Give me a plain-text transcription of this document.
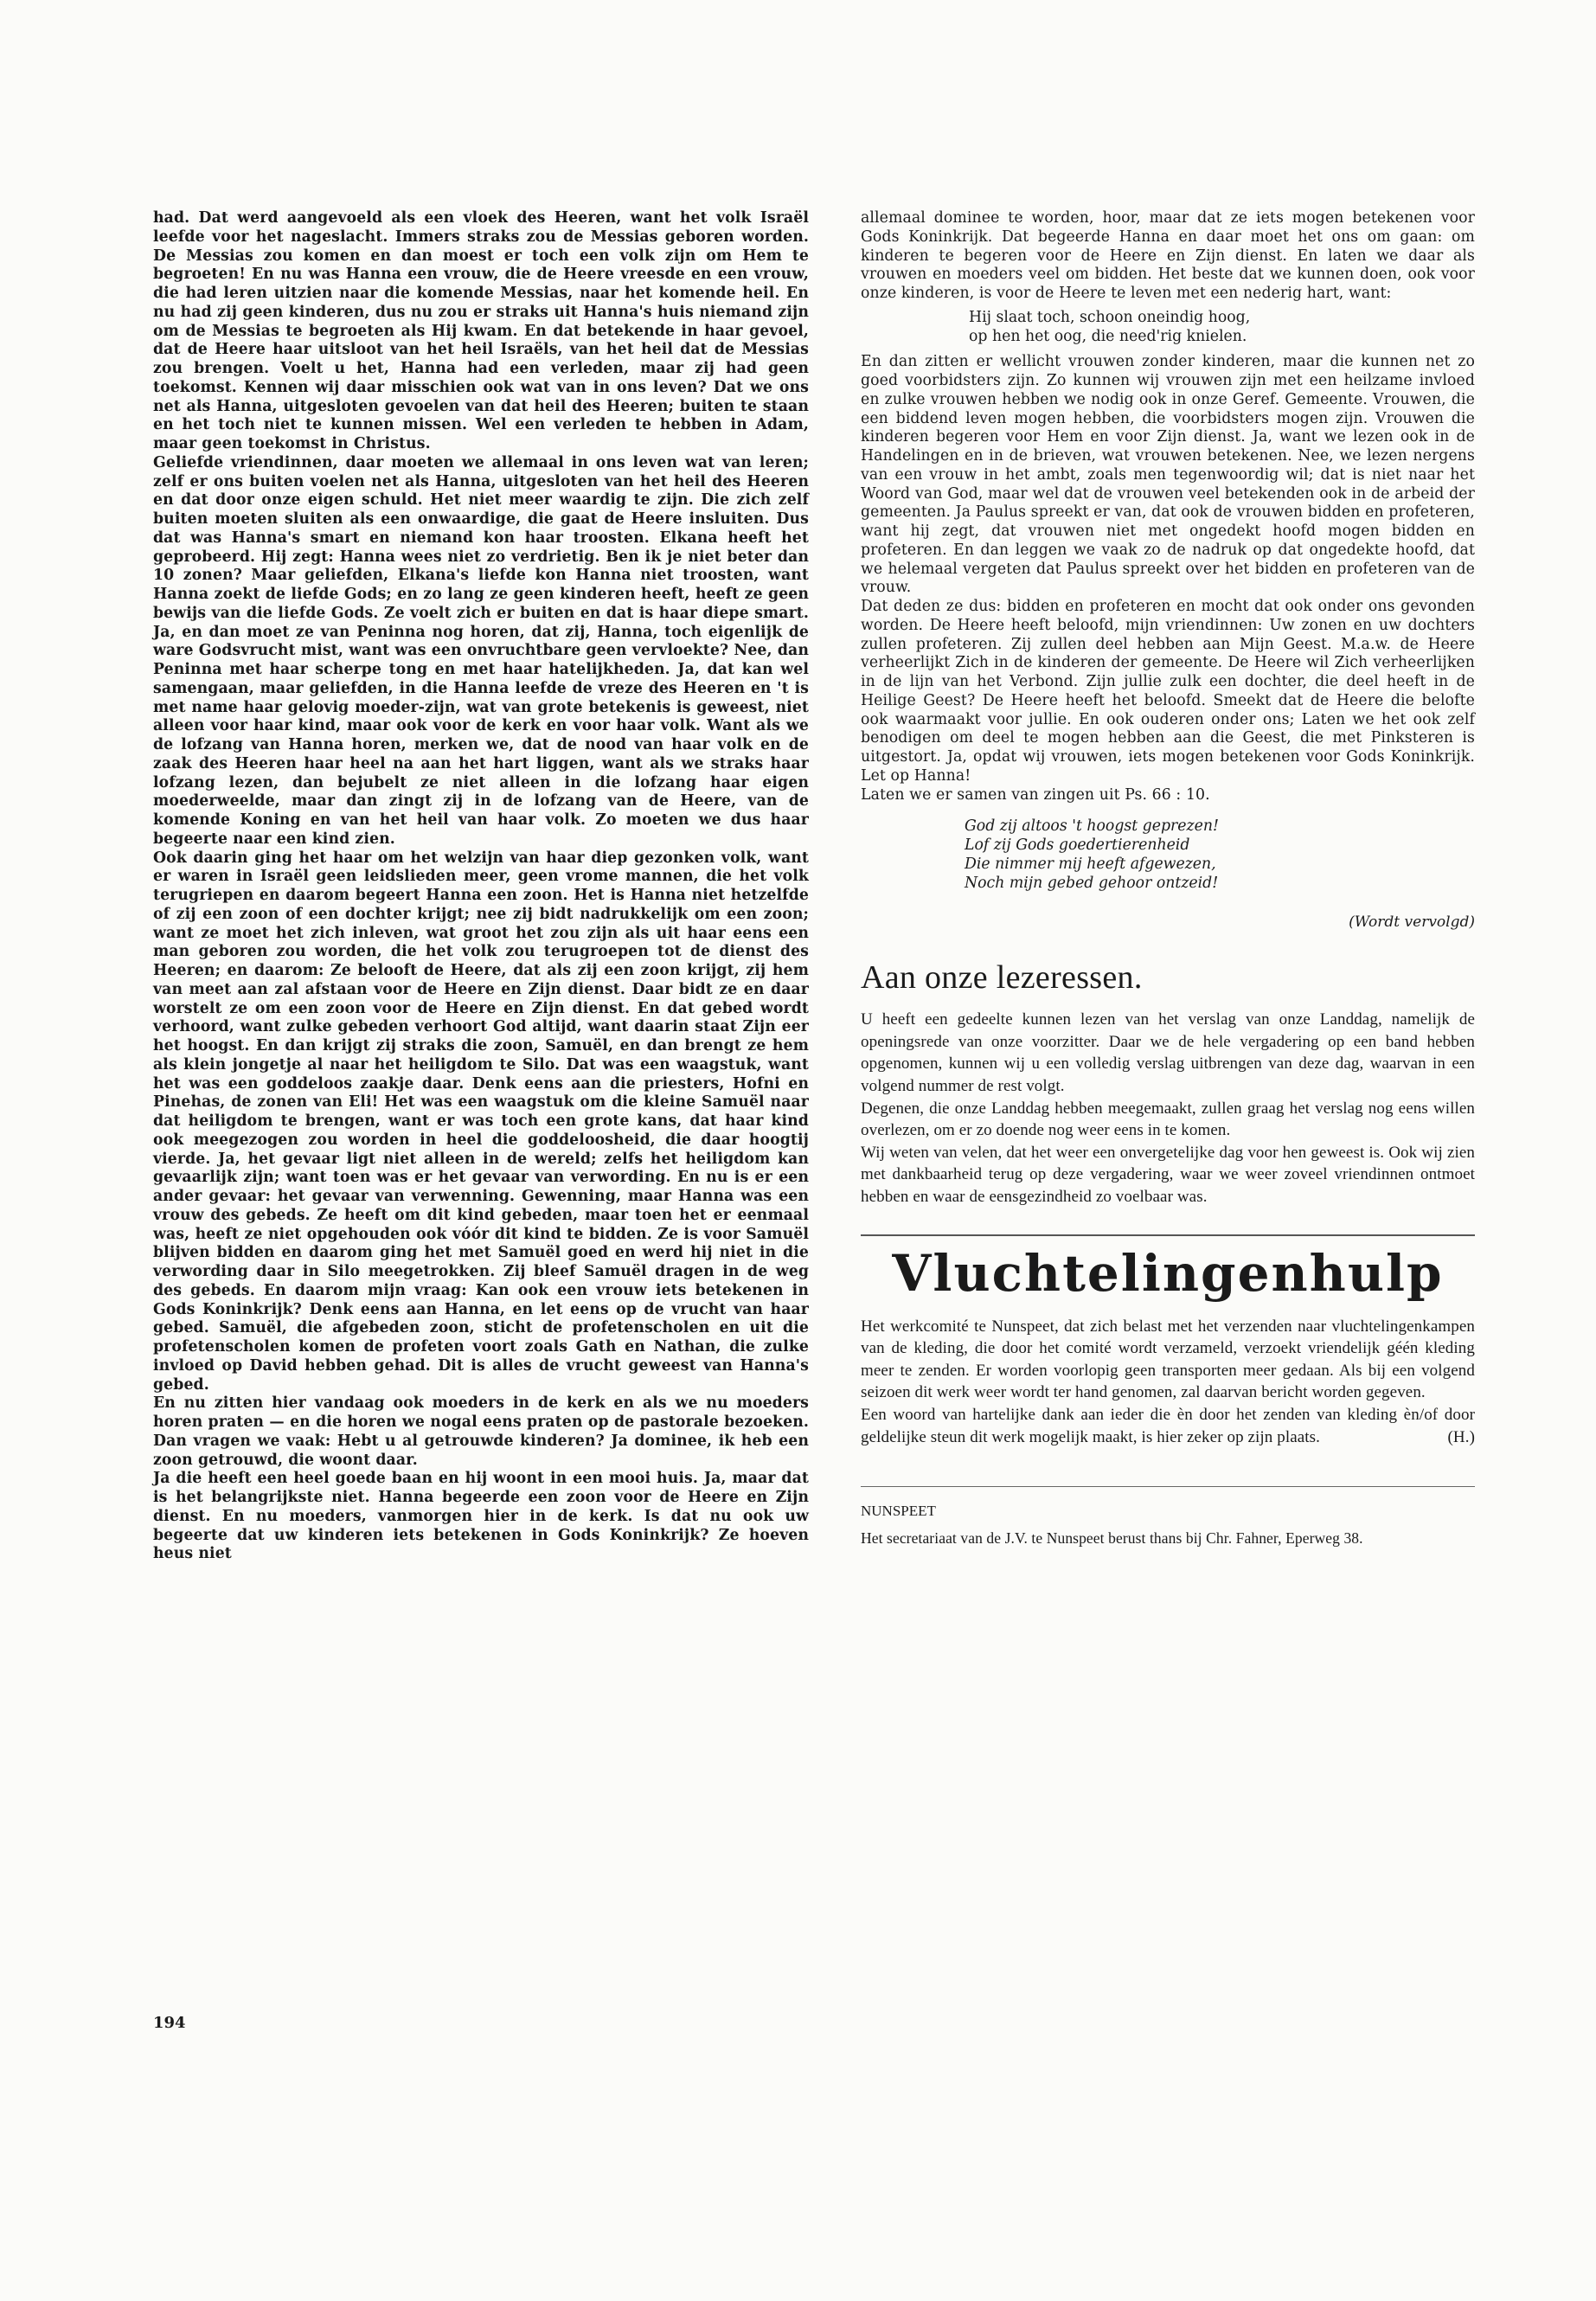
had. Dat werd aangevoeld als een vloek des Heeren, want het volk Israël leefde voor het nageslacht. Immers straks zou de Messias geboren worden. De Messias zou komen en dan moest er toch een volk zijn om Hem te begroeten! En nu was Hanna een vrouw, die de Heere vreesde en een vrouw, die had leren uitzien naar die komende Messias, naar het komende heil. En nu had zij geen kinderen, dus nu zou er straks uit Hanna's huis niemand zijn om de Messias te begroeten als Hij kwam. En dat betekende in haar gevoel, dat de Heere haar uitsloot van het heil Israëls, van het heil dat de Messias zou brengen. Voelt u het, Hanna had een verleden, maar zij had geen toekomst. Kennen wij daar misschien ook wat van in ons leven? Dat we ons net als Hanna, uitgesloten gevoelen van dat heil des Heeren; buiten te staan en het toch niet te kunnen missen. Wel een verleden te hebben in Adam, maar geen toekomst in Christus.

Geliefde vriendinnen, daar moeten we allemaal in ons leven wat van leren; zelf er ons buiten voelen net als Hanna, uitgesloten van het heil des Heeren en dat door onze eigen schuld. Het niet meer waardig te zijn. Die zich zelf buiten moeten sluiten als een onwaardige, die gaat de Heere insluiten. Dus dat was Hanna's smart en niemand kon haar troosten. Elkana heeft het geprobeerd. Hij zegt: Hanna wees niet zo verdrietig. Ben ik je niet beter dan 10 zonen? Maar geliefden, Elkana's liefde kon Hanna niet troosten, want Hanna zoekt de liefde Gods; en zo lang ze geen kinderen heeft, heeft ze geen bewijs van die liefde Gods. Ze voelt zich er buiten en dat is haar diepe smart. Ja, en dan moet ze van Peninna nog horen, dat zij, Hanna, toch eigenlijk de ware Godsvrucht mist, want was een onvruchtbare geen vervloekte? Nee, dan Peninna met haar scherpe tong en met haar hatelijkheden. Ja, dat kan wel samengaan, maar geliefden, in die Hanna leefde de vreze des Heeren en 't is met name haar gelovig moeder-zijn, wat van grote betekenis is geweest, niet alleen voor haar kind, maar ook voor de kerk en voor haar volk. Want als we de lofzang van Hanna horen, merken we, dat de nood van haar volk en de zaak des Heeren haar heel na aan het hart liggen, want als we straks haar lofzang lezen, dan bejubelt ze niet alleen in die lofzang haar eigen moederweelde, maar dan zingt zij in de lofzang van de Heere, van de komende Koning en van het heil van haar volk. Zo moeten we dus haar begeerte naar een kind zien.

Ook daarin ging het haar om het welzijn van haar diep gezonken volk, want er waren in Israël geen leidslieden meer, geen vrome mannen, die het volk terugriepen en daarom begeert Hanna een zoon. Het is Hanna niet hetzelfde of zij een zoon of een dochter krijgt; nee zij bidt nadrukkelijk om een zoon; want ze moet het zich inleven, wat groot het zou zijn als uit haar eens een man geboren zou worden, die het volk zou terugroepen tot de dienst des Heeren; en daarom: Ze belooft de Heere, dat als zij een zoon krijgt, zij hem van meet aan zal afstaan voor de Heere en Zijn dienst. Daar bidt ze en daar worstelt ze om een zoon voor de Heere en Zijn dienst. En dat gebed wordt verhoord, want zulke gebeden verhoort God altijd, want daarin staat Zijn eer het hoogst. En dan krijgt zij straks die zoon, Samuël, en dan brengt ze hem als klein jongetje al naar het heiligdom te Silo. Dat was een waagstuk, want het was een goddeloos zaakje daar. Denk eens aan die priesters, Hofni en Pinehas, de zonen van Eli! Het was een waagstuk om die kleine Samuël naar dat heiligdom te brengen, want er was toch een grote kans, dat haar kind ook meegezogen zou worden in heel die goddeloosheid, die daar hoogtij vierde. Ja, het gevaar ligt niet alleen in de wereld; zelfs het heiligdom kan gevaarlijk zijn; want toen was er het gevaar van verwording. En nu is er een ander gevaar: het gevaar van verwenning. Gewenning, maar Hanna was een vrouw des gebeds. Ze heeft om dit kind gebeden, maar toen het er eenmaal was, heeft ze niet opgehouden ook vóór dit kind te bidden. Ze is voor Samuël blijven bidden en daarom ging het met Samuël goed en werd hij niet in die verwording daar in Silo meegetrokken. Zij bleef Samuël dragen in de weg des gebeds. En daarom mijn vraag: Kan ook een vrouw iets betekenen in Gods Koninkrijk? Denk eens aan Hanna, en let eens op de vrucht van haar gebed. Samuël, die afgebeden zoon, sticht de profetenscholen en uit die profetenscholen komen de profeten voort zoals Gath en Nathan, die zulke invloed op David hebben gehad. Dit is alles de vrucht geweest van Hanna's gebed.

En nu zitten hier vandaag ook moeders in de kerk en als we nu moeders horen praten — en die horen we nogal eens praten op de pastorale bezoeken. Dan vragen we vaak: Hebt u al getrouwde kinderen? Ja dominee, ik heb een zoon getrouwd, die woont daar.

Ja die heeft een heel goede baan en hij woont in een mooi huis. Ja, maar dat is het belangrijkste niet. Hanna begeerde een zoon voor de Heere en Zijn dienst. En nu moeders, vanmorgen hier in de kerk. Is dat nu ook uw begeerte dat uw kinderen iets betekenen in Gods Koninkrijk? Ze hoeven heus niet

allemaal dominee te worden, hoor, maar dat ze iets mogen betekenen voor Gods Koninkrijk. Dat begeerde Hanna en daar moet het ons om gaan: om kinderen te begeren voor de Heere en Zijn dienst. En laten we daar als vrouwen en moeders veel om bidden. Het beste dat we kunnen doen, ook voor onze kinderen, is voor de Heere te leven met een nederig hart, want:

Hij slaat toch, schoon oneindig hoog,
op hen het oog, die need'rig knielen.

En dan zitten er wellicht vrouwen zonder kinderen, maar die kunnen net zo goed voorbidsters zijn. Zo kunnen wij vrouwen zijn met een heilzame invloed en zulke vrouwen hebben we nodig ook in onze Geref. Gemeente. Vrouwen, die een biddend leven mogen hebben, die voorbidsters mogen zijn. Vrouwen die kinderen begeren voor Hem en voor Zijn dienst. Ja, want we lezen ook in de Handelingen en in de brieven, wat vrouwen betekenen. Nee, we lezen nergens van een vrouw in het ambt, zoals men tegenwoordig wil; dat is niet naar het Woord van God, maar wel dat de vrouwen veel betekenden ook in de arbeid der gemeenten. Ja Paulus spreekt er van, dat ook de vrouwen bidden en profeteren, want hij zegt, dat vrouwen niet met ongedekt hoofd mogen bidden en profeteren. En dan leggen we vaak zo de nadruk op dat ongedekte hoofd, dat we helemaal vergeten dat Paulus spreekt over het bidden en profeteren van de vrouw.

Dat deden ze dus: bidden en profeteren en mocht dat ook onder ons gevonden worden. De Heere heeft beloofd, mijn vriendinnen: Uw zonen en uw dochters zullen profeteren. Zij zullen deel hebben aan Mijn Geest. M.a.w. de Heere verheerlijkt Zich in de kinderen der gemeente. De Heere wil Zich verheerlijken in de lijn van het Verbond. Zijn jullie zulk een dochter, die deel heeft in de Heilige Geest? De Heere heeft het beloofd. Smeekt dat de Heere die belofte ook waarmaakt voor jullie. En ook ouderen onder ons; Laten we het ook zelf benodigen om deel te mogen hebben aan die Geest, die met Pinksteren is uitgestort. Ja, opdat wij vrouwen, iets mogen betekenen voor Gods Koninkrijk. Let op Hanna!

Laten we er samen van zingen uit Ps. 66 : 10.

God zij altoos 't hoogst geprezen!
Lof zij Gods goedertierenheid
Die nimmer mij heeft afgewezen,
Noch mijn gebed gehoor ontzeid!
(Wordt vervolgd)
Aan onze lezeressen.

U heeft een gedeelte kunnen lezen van het verslag van onze Landdag, namelijk de openingsrede van onze voorzitter. Daar we de hele vergadering op een band hebben opgenomen, kunnen wij u een volledig verslag uitbrengen van deze dag, waarvan in een volgend nummer de rest volgt.

Degenen, die onze Landdag hebben meegemaakt, zullen graag het verslag nog eens willen overlezen, om er zo doende nog weer eens in te komen.

Wij weten van velen, dat het weer een onvergetelijke dag voor hen geweest is. Ook wij zien met dankbaarheid terug op deze vergadering, waar we weer zoveel vriendinnen ontmoet hebben en waar de eensgezindheid zo voelbaar was.

Vluchtelingenhulp

Het werkcomité te Nunspeet, dat zich belast met het verzenden naar vluchtelingenkampen van de kleding, die door het comité wordt verzameld, verzoekt vriendelijk géén kleding meer te zenden. Er worden voorlopig geen transporten meer gedaan. Als bij een volgend seizoen dit werk weer wordt ter hand genomen, zal daarvan bericht worden gegeven.

Een woord van hartelijke dank aan ieder die èn door het zenden van kleding èn/of door geldelijke steun dit werk mogelijk maakt, is hier zeker op zijn plaats.	(H.)

NUNSPEET

Het secretariaat van de J.V. te Nunspeet berust thans bij Chr. Fahner, Eperweg 38.

194
